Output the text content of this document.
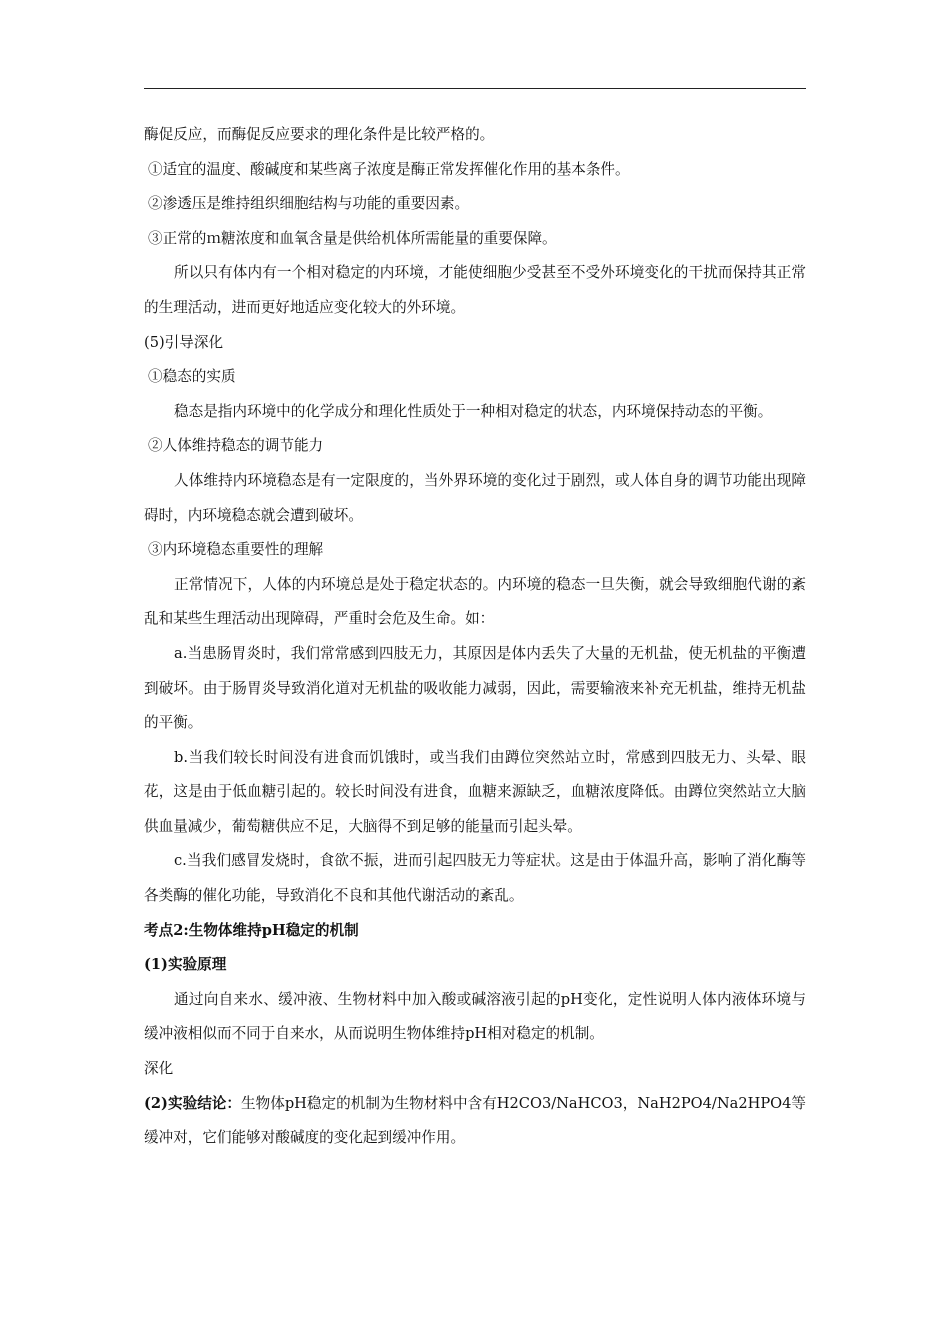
酶促反应，而酶促反应要求的理化条件是比较严格的。

①适宜的温度、酸碱度和某些离子浓度是酶正常发挥催化作用的基本条件。

②渗透压是维持组织细胞结构与功能的重要因素。

③正常的ｍ糖浓度和血氧含量是供给机体所需能量的重要保障。

所以只有体内有一个相对稳定的内环境，才能使细胞少受甚至不受外环境变化的干扰而保持其正常的生理活动，进而更好地适应变化较大的外环境。

(5)引导深化

①稳态的实质

稳态是指内环境中的化学成分和理化性质处于一种相对稳定的状态，内环境保持动态的平衡。

②人体维持稳态的调节能力

人体维持内环境稳态是有一定限度的，当外界环境的变化过于剧烈，或人体自身的调节功能出现障碍时，内环境稳态就会遭到破坏。

③内环境稳态重要性的理解

正常情况下，人体的内环境总是处于稳定状态的。内环境的稳态一旦失衡，就会导致细胞代谢的紊乱和某些生理活动出现障碍，严重时会危及生命。如：

a.当患肠胃炎时，我们常常感到四肢无力，其原因是体内丢失了大量的无机盐，使无机盐的平衡遭到破坏。由于肠胃炎导致消化道对无机盐的吸收能力减弱，因此，需要输液来补充无机盐，维持无机盐的平衡。

b.当我们较长时间没有进食而饥饿时，或当我们由蹲位突然站立时，常感到四肢无力、头晕、眼花，这是由于低血糖引起的。较长时间没有进食，血糖来源缺乏，血糖浓度降低。由蹲位突然站立大脑供血量减少，葡萄糖供应不足，大脑得不到足够的能量而引起头晕。

c.当我们感冒发烧时，食欲不振，进而引起四肢无力等症状。这是由于体温升高，影响了消化酶等各类酶的催化功能，导致消化不良和其他代谢活动的紊乱。

考点2:生物体维持pH稳定的机制

(1)实验原理

通过向自来水、缓冲液、生物材料中加入酸或碱溶液引起的pH变化，定性说明人体内液体环境与缓冲液相似而不同于自来水，从而说明生物体维持pH相对稳定的机制。

深化

(2)实验结论：生物体pH稳定的机制为生物材料中含有H2CO3/NaHCO3，NaH2PO4/Na2HPO4等缓冲对，它们能够对酸碱度的变化起到缓冲作用。
